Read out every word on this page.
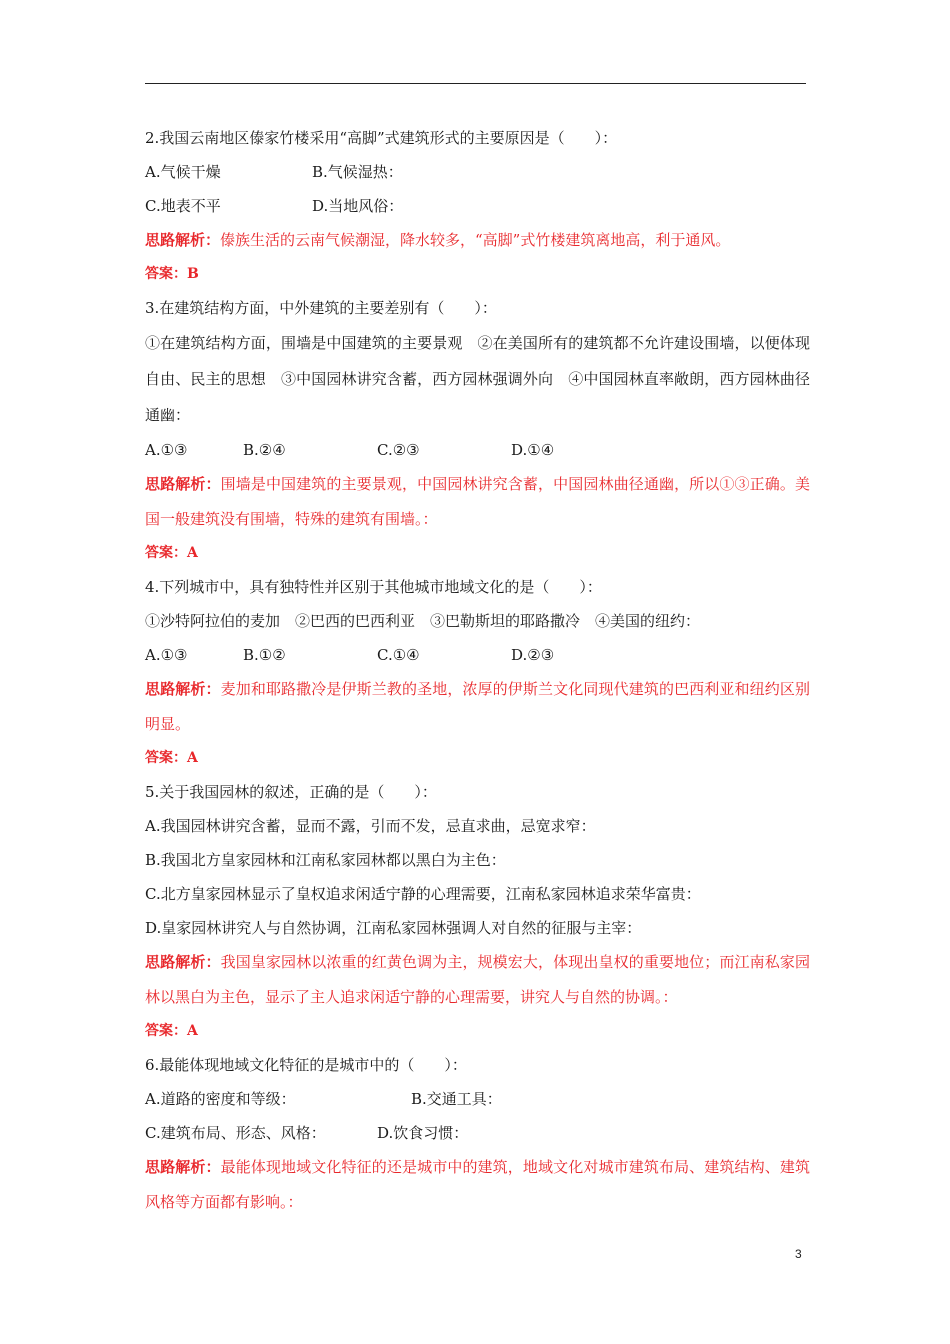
2.我国云南地区傣家竹楼采用“高脚”式建筑形式的主要原因是（　　）：
A.气候干燥	B.气候湿热：
C.地表不平	D.当地风俗：
思路解析：傣族生活的云南气候潮湿，降水较多，“高脚”式竹楼建筑离地高，利于通风。
答案：B
3.在建筑结构方面，中外建筑的主要差别有（　　）：
①在建筑结构方面，围墙是中国建筑的主要景观　②在美国所有的建筑都不允许建设围墙，以便体现自由、民主的思想　③中国园林讲究含蓄，西方园林强调外向　④中国园林直率敞朗，西方园林曲径通幽：
A.①③	B.②④	C.②③	D.①④
思路解析：围墙是中国建筑的主要景观，中国园林讲究含蓄，中国园林曲径通幽，所以①③正确。美国一般建筑没有围墙，特殊的建筑有围墙。：
答案：A
4.下列城市中，具有独特性并区别于其他城市地域文化的是（　　）：
①沙特阿拉伯的麦加　②巴西的巴西利亚　③巴勒斯坦的耶路撒冷　④美国的纽约：
A.①③	B.①②	C.①④	D.②③
思路解析：麦加和耶路撒冷是伊斯兰教的圣地，浓厚的伊斯兰文化同现代建筑的巴西利亚和纽约区别明显。
答案：A
5.关于我国园林的叙述，正确的是（　　）：
A.我国园林讲究含蓄，显而不露，引而不发，忌直求曲，忌宽求窄：
B.我国北方皇家园林和江南私家园林都以黑白为主色：
C.北方皇家园林显示了皇权追求闲适宁静的心理需要，江南私家园林追求荣华富贵：
D.皇家园林讲究人与自然协调，江南私家园林强调人对自然的征服与主宰：
思路解析：我国皇家园林以浓重的红黄色调为主，规模宏大，体现出皇权的重要地位；而江南私家园林以黑白为主色，显示了主人追求闲适宁静的心理需要，讲究人与自然的协调。：
答案：A
6.最能体现地域文化特征的是城市中的（　　）：
A.道路的密度和等级：	B.交通工具：
C.建筑布局、形态、风格：	D.饮食习惯：
思路解析：最能体现地域文化特征的还是城市中的建筑，地域文化对城市建筑布局、建筑结构、建筑风格等方面都有影响。：
3
